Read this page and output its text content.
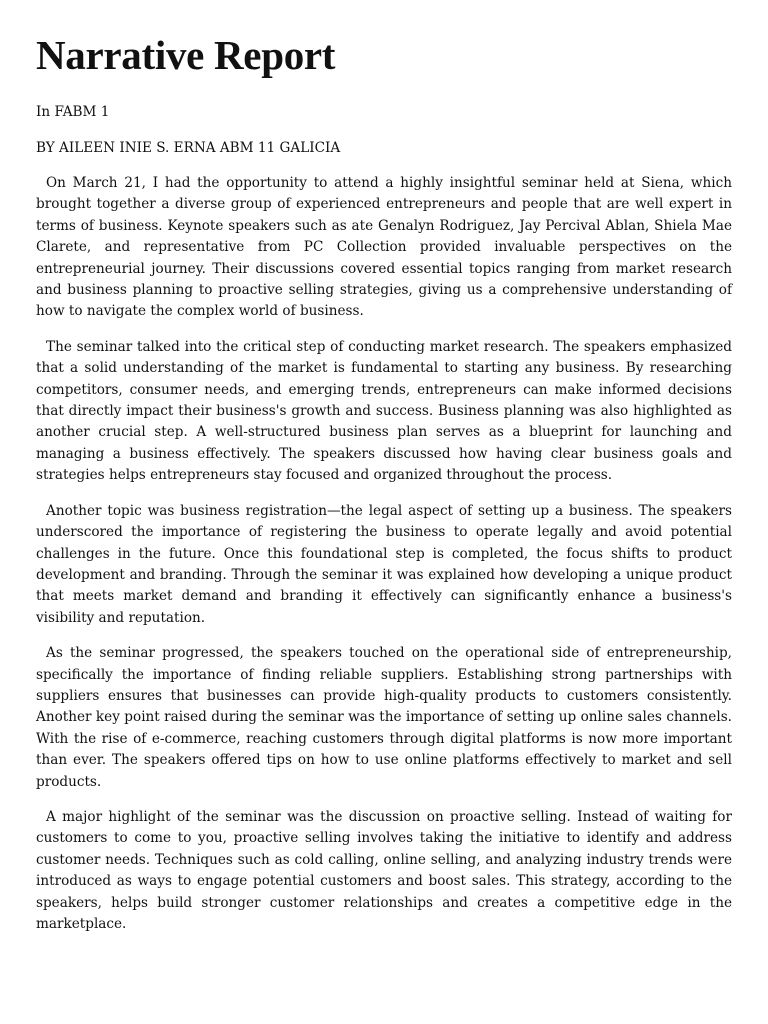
Narrative Report

In FABM 1

BY AILEEN INIE S. ERNA ABM 11 GALICIA

On March 21, I had the opportunity to attend a highly insightful seminar held at Siena, which brought together a diverse group of experienced entrepreneurs and people that are well expert in terms of business. Keynote speakers such as ate Genalyn Rodriguez, Jay Percival Ablan, Shiela Mae Clarete, and representative from PC Collection provided invaluable perspectives on the entrepreneurial journey. Their discussions covered essential topics ranging from market research and business planning to proactive selling strategies, giving us a comprehensive understanding of how to navigate the complex world of business.

The seminar talked into the critical step of conducting market research. The speakers emphasized that a solid understanding of the market is fundamental to starting any business. By researching competitors, consumer needs, and emerging trends, entrepreneurs can make informed decisions that directly impact their business's growth and success. Business planning was also highlighted as another crucial step. A well-structured business plan serves as a blueprint for launching and managing a business effectively. The speakers discussed how having clear business goals and strategies helps entrepreneurs stay focused and organized throughout the process.

Another topic was business registration—the legal aspect of setting up a business. The speakers underscored the importance of registering the business to operate legally and avoid potential challenges in the future. Once this foundational step is completed, the focus shifts to product development and branding. Through the seminar it was explained how developing a unique product that meets market demand and branding it effectively can significantly enhance a business's visibility and reputation.

As the seminar progressed, the speakers touched on the operational side of entrepreneurship, specifically the importance of finding reliable suppliers. Establishing strong partnerships with suppliers ensures that businesses can provide high-quality products to customers consistently. Another key point raised during the seminar was the importance of setting up online sales channels. With the rise of e-commerce, reaching customers through digital platforms is now more important than ever. The speakers offered tips on how to use online platforms effectively to market and sell products.

A major highlight of the seminar was the discussion on proactive selling. Instead of waiting for customers to come to you, proactive selling involves taking the initiative to identify and address customer needs. Techniques such as cold calling, online selling, and analyzing industry trends were introduced as ways to engage potential customers and boost sales. This strategy, according to the speakers, helps build stronger customer relationships and creates a competitive edge in the marketplace.
